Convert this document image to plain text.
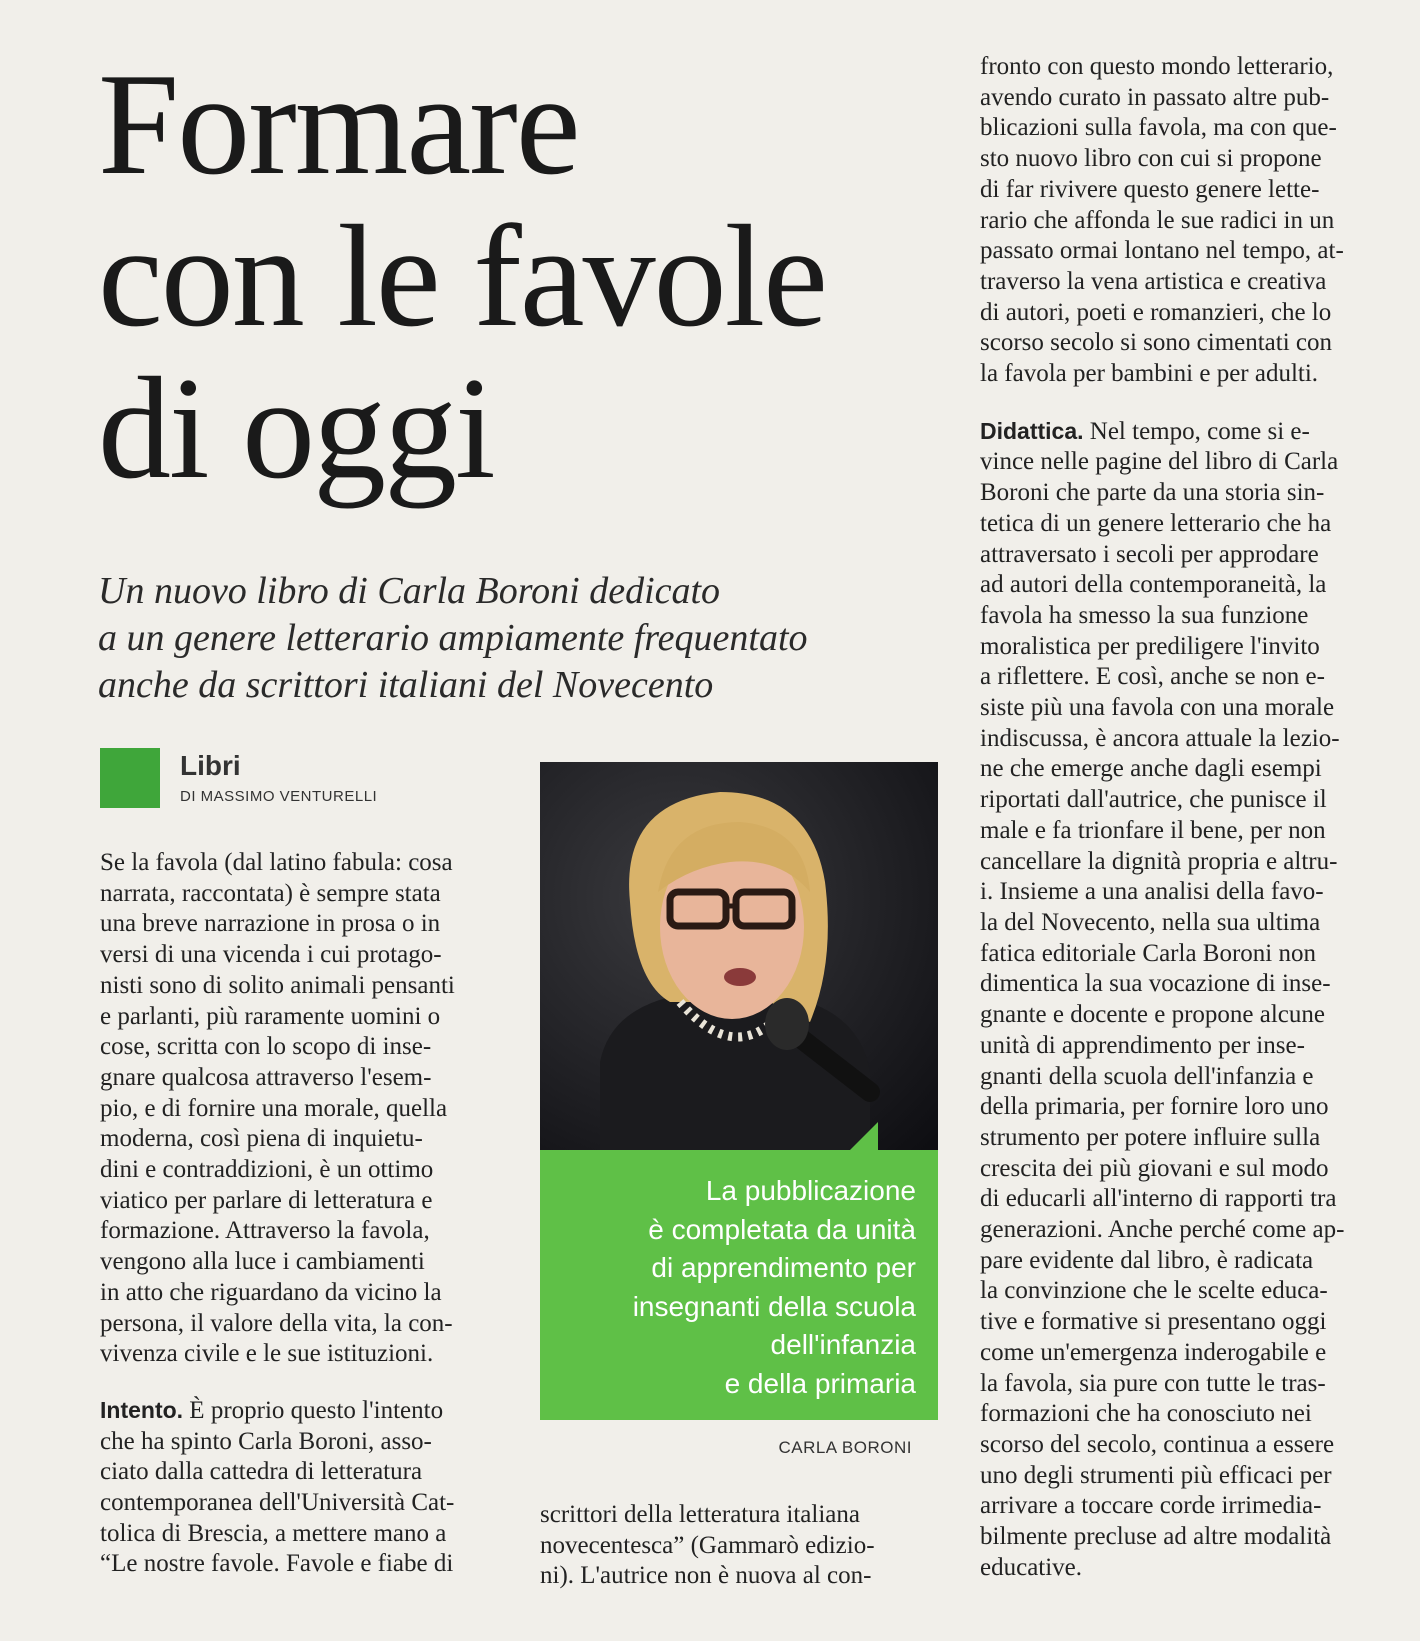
Formare
con le favole
di oggi
Un nuovo libro di Carla Boroni dedicato
a un genere letterario ampiamente frequentato
anche da scrittori italiani del Novecento
Libri
DI MASSIMO VENTURELLI

Se la favola (dal latino fabula: cosa
narrata, raccontata) è sempre stata
una breve narrazione in prosa o in
versi di una vicenda i cui protago-
nisti sono di solito animali pensanti
e parlanti, più raramente uomini o
cose, scritta con lo scopo di inse-
gnare qualcosa attraverso l'esem-
pio, e di fornire una morale, quella
moderna, così piena di inquietu-
dini e contraddizioni, è un ottimo
viatico per parlare di letteratura e
formazione. Attraverso la favola,
vengono alla luce i cambiamenti
in atto che riguardano da vicino la
persona, il valore della vita, la con-
vivenza civile e le sue istituzioni.

Intento. È proprio questo l'intento
che ha spinto Carla Boroni, asso-
ciato dalla cattedra di letteratura
contemporanea dell'Università Cat-
tolica di Brescia, a mettere mano a
“Le nostre favole. Favole e fiabe di

La pubblicazione
è completata da unità
di apprendimento per
insegnanti della scuola
dell'infanzia
e della primaria
CARLA BORONI

scrittori della letteratura italiana
novecentesca” (Gammarò edizio-
ni). L'autrice non è nuova al con-

fronto con questo mondo letterario,
avendo curato in passato altre pub-
blicazioni sulla favola, ma con que-
sto nuovo libro con cui si propone
di far rivivere questo genere lette-
rario che affonda le sue radici in un
passato ormai lontano nel tempo, at-
traverso la vena artistica e creativa
di autori, poeti e romanzieri, che lo
scorso secolo si sono cimentati con
la favola per bambini e per adulti.

Didattica. Nel tempo, come si e-
vince nelle pagine del libro di Carla
Boroni che parte da una storia sin-
tetica di un genere letterario che ha
attraversato i secoli per approdare
ad autori della contemporaneità, la
favola ha smesso la sua funzione
moralistica per prediligere l'invito
a riflettere. E così, anche se non e-
siste più una favola con una morale
indiscussa, è ancora attuale la lezio-
ne che emerge anche dagli esempi
riportati dall'autrice, che punisce il
male e fa trionfare il bene, per non
cancellare la dignità propria e altru-
i. Insieme a una analisi della favo-
la del Novecento, nella sua ultima
fatica editoriale Carla Boroni non
dimentica la sua vocazione di inse-
gnante e docente e propone alcune
unità di apprendimento per inse-
gnanti della scuola dell'infanzia e
della primaria, per fornire loro uno
strumento per potere influire sulla
crescita dei più giovani e sul modo
di educarli all'interno di rapporti tra
generazioni. Anche perché come ap-
pare evidente dal libro, è radicata
la convinzione che le scelte educa-
tive e formative si presentano oggi
come un'emergenza inderogabile e
la favola, sia pure con tutte le tras-
formazioni che ha conosciuto nei
scorso del secolo, continua a essere
uno degli strumenti più efficaci per
arrivare a toccare corde irrimedia-
bilmente precluse ad altre modalità
educative.
